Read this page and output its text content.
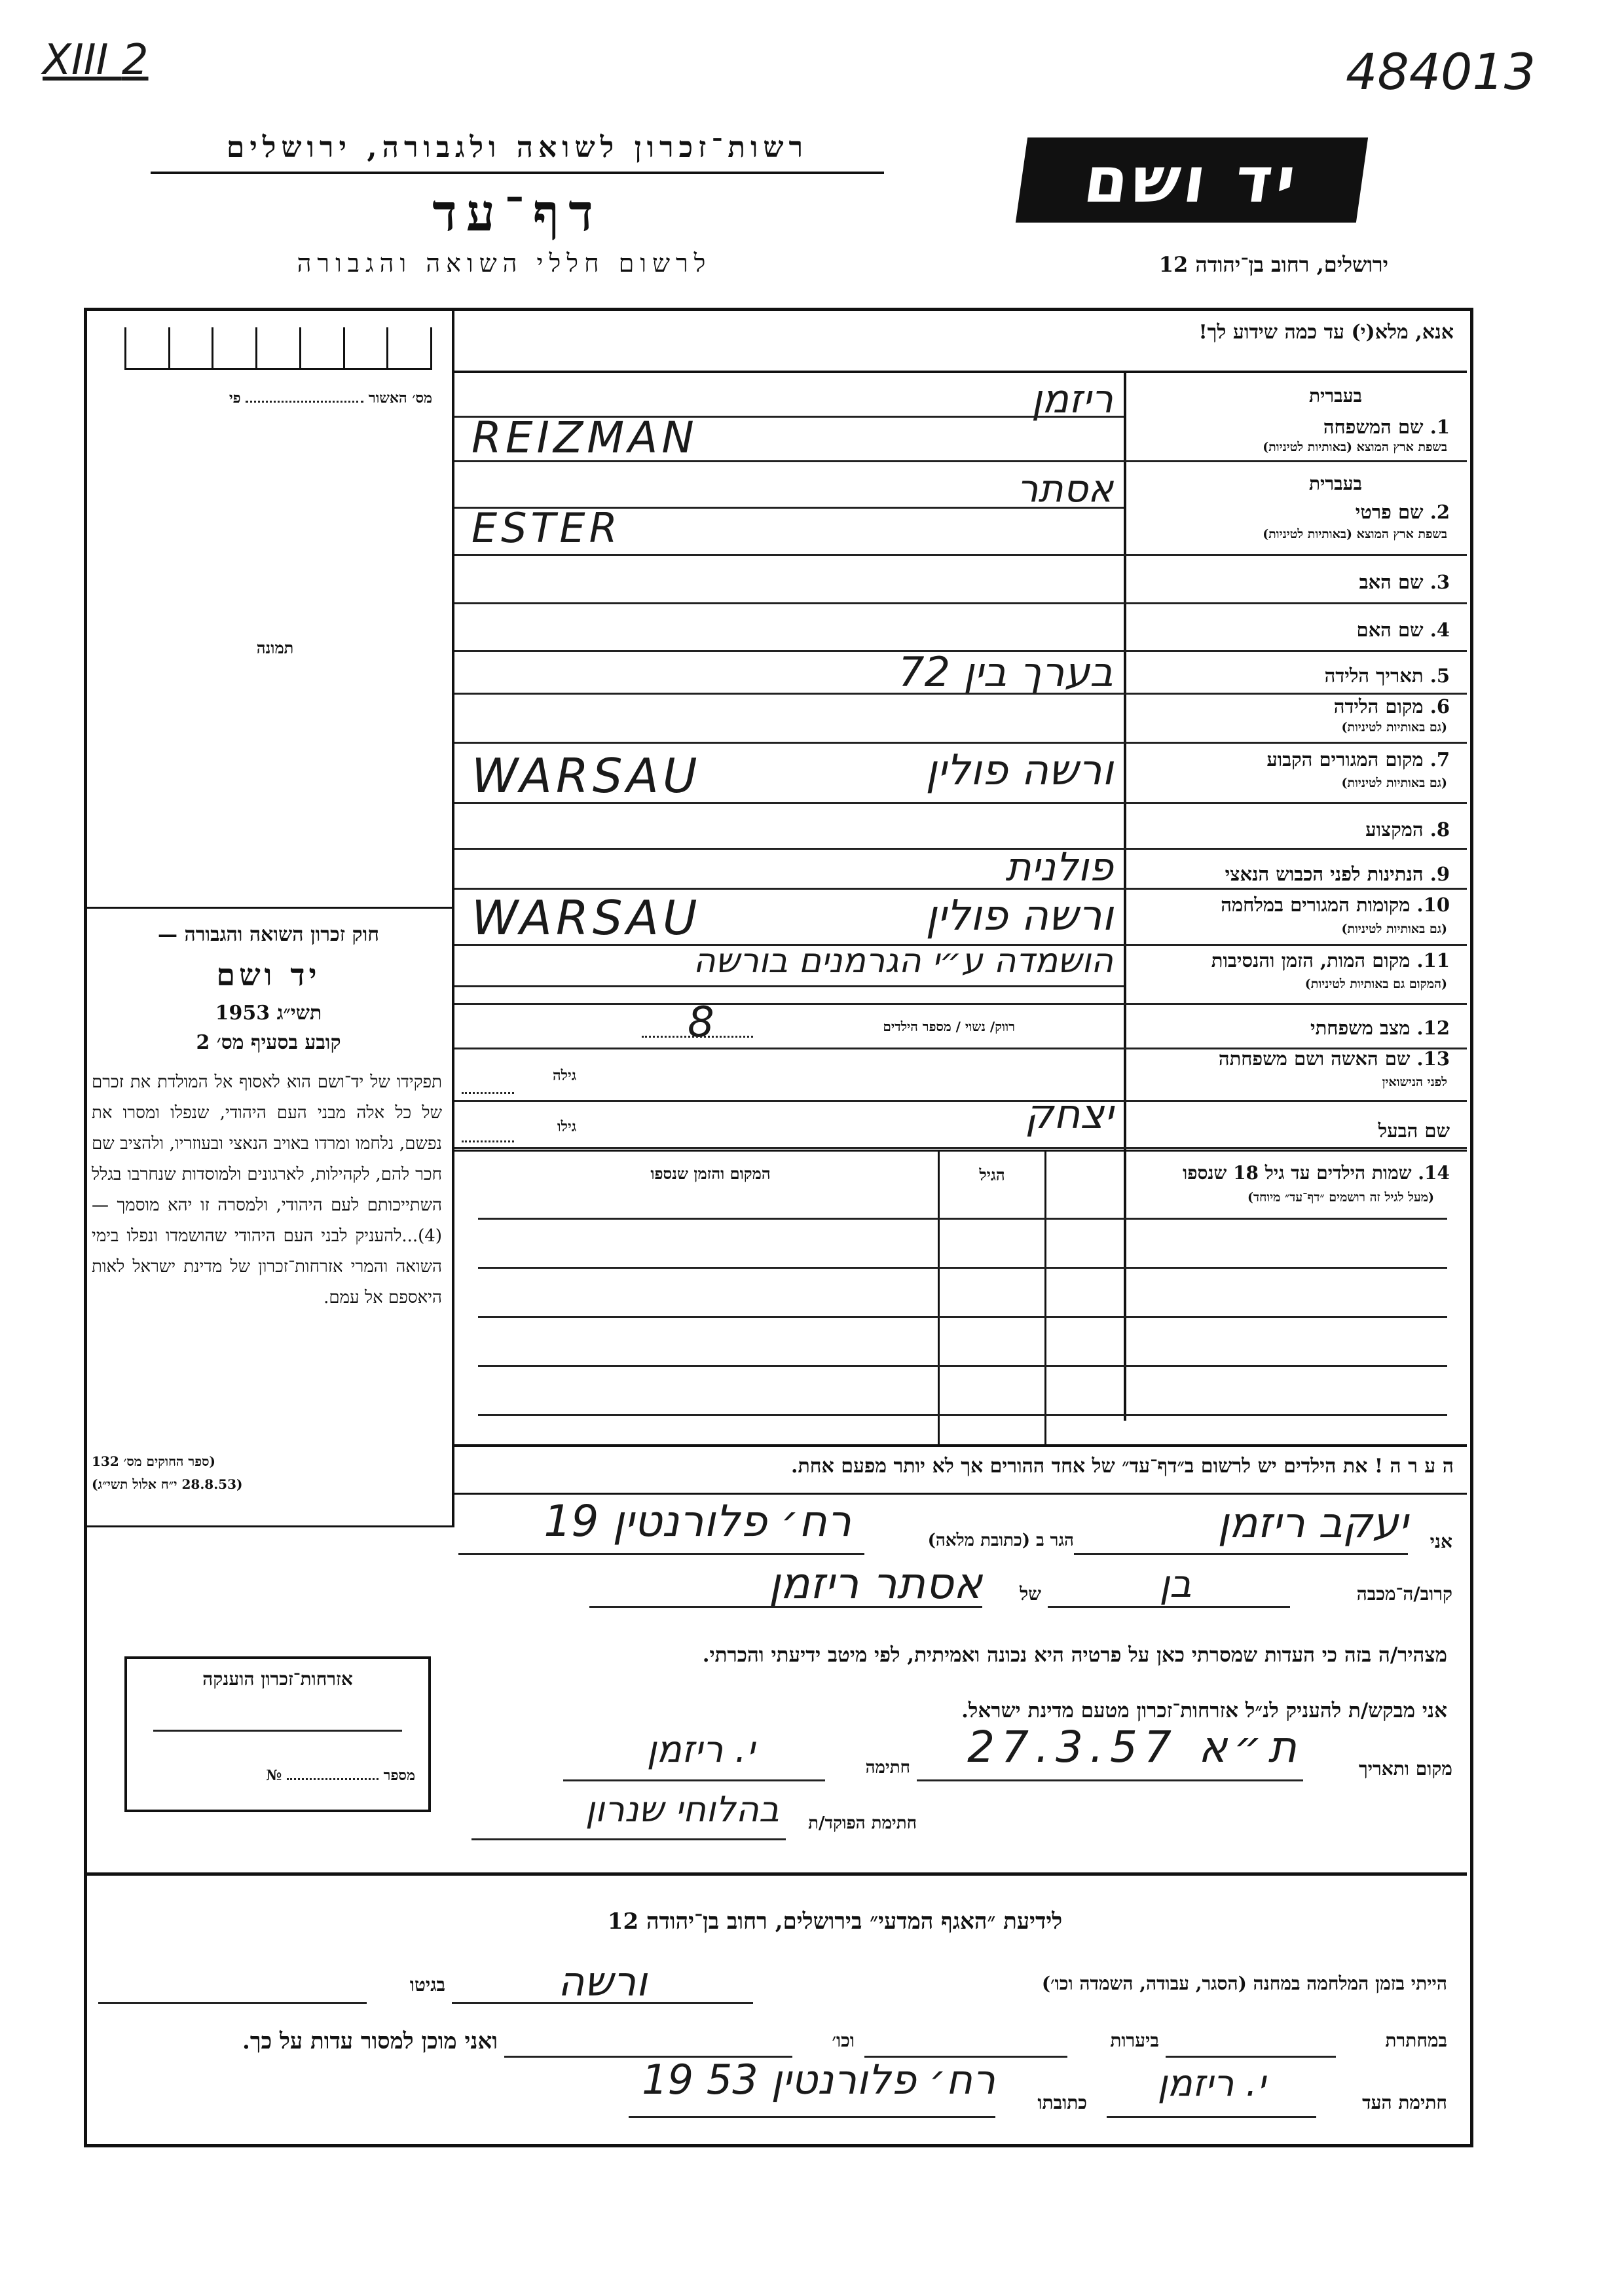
XIII 2	484013
רשות־זכרון לשואה ולגבורה, ירושלים
דף־עד
לרשום חללי השואה והגבורה
יד ושם
ירושלים, רחוב בן־יהודה 12
מס׳ האשור  פי
תמונה
חוק זכרון השואה והגבורה —
יד ושם
תשי״ג 1953
קובע בסעיף מס׳ 2
תפקידו של יד־ושם הוא לאסוף אל המולדת את זכרם של כל אלה מבני העם היהודי, שנפלו ומסרו את נפשם, נלחמו ומרדו באויב הנאצי ובעוזריו, ולהציב שם חכר להם, לקהילות, לארגונים ולמוסדות שנחרבו בגלל השתייכותם לעם היהודי, ולמסרה זו יהא מוסמך — (4)...להעניק לבני העם היהודי שהושמדו ונפלו בימי השואה והמרי אזרחות־זכרון של מדינת ישראל לאות היאספם אל עמם.
(ספר החוקים מס׳ 132
(28.8.53 י״ח אלול תשי״ג)
אזרחות־זכרון הוענקה
מספר  №
אנא, מלא(י) עד כמה שידוע לך!
בעברית
1. שם המשפחה
בשפת ארץ המוצא (באותיות לטיניות)
ריזמן
REIZMAN
בעברית
2. שם פרטי
בשפת ארץ המוצא (באותיות לטיניות)
אסתר
ESTER
3. שם האב
4. שם האם
5. תאריך הלידה
בערך בין 72
6. מקום הלידה
(גם באותיות לטיניות)
7. מקום המגורים הקבוע
(גם באותיות לטיניות)
ורשה פולין
WARSAU
8. המקצוע
9. הנתינות לפני הכבוש הנאצי
פולנית
10. מקומות המגורים במלחמה
(גם באותיות לטיניות)
ורשה פולין
WARSAU
11. מקום המות, הזמן והנסיבות
(המקום גם באותיות לטיניות)
הושמדה ע״י הגרמנים בורשה
12. מצב משפחתי
רווק/ נשוי / מספר הילדים
8
13. שם האשה ושם משפחתה
לפני הנישואין
גילה
שם הבעל
יצחק
גילו
14. שמות הילדים עד גיל 18 שנספו
(מעל לגיל זה רושמים ״דף־עד״ מיוחד)
הגיל
המקום והזמן שנספו
ה ע ר ה ! את הילדים יש לרשום ב״דף־עד״ של אחד ההורים אך לא יותר מפעם אחת.
אני
יעקב ריזמן
הגר ב (כתובת מלאה)
רח׳ פלורנטין 19
קרוב/ה־מכבה
בן
של
אסתר ריזמן
מצהיר/ה בזה כי העדות שמסרתי כאן על פרטיה היא נכונה ואמיתית, לפי מיטב ידיעתי והכרתי.
אני מבקש/ת להעניק לנ״ל אזרחות־זכרון מטעם מדינת ישראל.
מקום ותאריך
ת״א 27.3.57
חתימה
י. ריזמן
חתימת הפוקד/ת
בהלוחי שנרון
לידיעת ״האגף המדעי״ בירושלים, רחוב בן־יהודה 12
הייתי בזמן המלחמה במחנה (הסגר, עבודה, השמדה וכו׳)
ורשה
בגיטו
במחתרת
ביערות
וכו׳
ואני מוכן למסור עדות על כך.
חתימת העד
י. ריזמן
כתובתו
רח׳ פלורנטין 53 19
